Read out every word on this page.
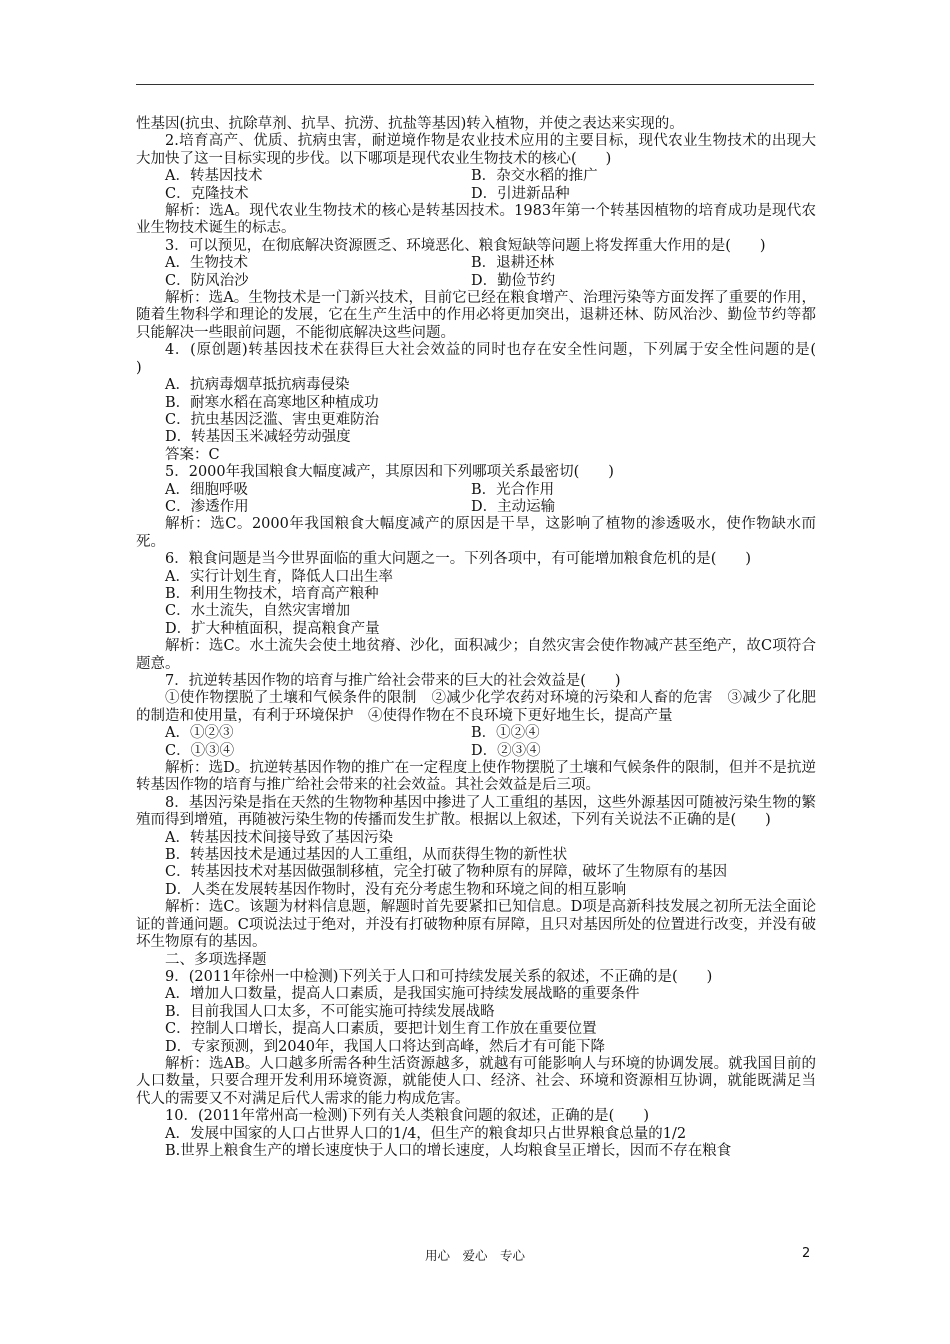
性基因(抗虫、抗除草剂、抗旱、抗涝、抗盐等基因)转入植物，并使之表达来实现的。
2.培育高产、优质、抗病虫害，耐逆境作物是农业技术应用的主要目标，现代农业生物技术的出现大大加快了这一目标实现的步伐。以下哪项是现代农业生物技术的核心(　　)
A．转基因技术	B．杂交水稻的推广
C．克隆技术	D．引进新品种
解析：选A。现代农业生物技术的核心是转基因技术。1983年第一个转基因植物的培育成功是现代农业生物技术诞生的标志。
3．可以预见，在彻底解决资源匮乏、环境恶化、粮食短缺等问题上将发挥重大作用的是(　　)
A．生物技术	B．退耕还林
C．防风治沙	D．勤俭节约
解析：选A。生物技术是一门新兴技术，目前它已经在粮食增产、治理污染等方面发挥了重要的作用，随着生物科学和理论的发展，它在生产生活中的作用必将更加突出，退耕还林、防风治沙、勤俭节约等都只能解决一些眼前问题，不能彻底解决这些问题。
4．(原创题)转基因技术在获得巨大社会效益的同时也存在安全性问题，下列属于安全性问题的是(　　)
A．抗病毒烟草抵抗病毒侵染
B．耐寒水稻在高寒地区种植成功
C．抗虫基因泛滥、害虫更难防治
D．转基因玉米减轻劳动强度
答案：C
5．2000年我国粮食大幅度减产，其原因和下列哪项关系最密切(　　)
A．细胞呼吸	B．光合作用
C．渗透作用	D．主动运输
解析：选C。2000年我国粮食大幅度减产的原因是干旱，这影响了植物的渗透吸水，使作物缺水而死。
6．粮食问题是当今世界面临的重大问题之一。下列各项中，有可能增加粮食危机的是(　　)
A．实行计划生育，降低人口出生率
B．利用生物技术，培育高产粮种
C．水土流失，自然灾害增加
D．扩大种植面积，提高粮食产量
解析：选C。水土流失会使土地贫瘠、沙化，面积减少；自然灾害会使作物减产甚至绝产，故C项符合题意。
7．抗逆转基因作物的培育与推广给社会带来的巨大的社会效益是(　　)
①使作物摆脱了土壤和气候条件的限制　②减少化学农药对环境的污染和人畜的危害　③减少了化肥的制造和使用量，有利于环境保护　④使得作物在不良环境下更好地生长，提高产量
A．①②③	B．①②④
C．①③④	D．②③④
解析：选D。抗逆转基因作物的推广在一定程度上使作物摆脱了土壤和气候条件的限制，但并不是抗逆转基因作物的培育与推广给社会带来的社会效益。其社会效益是后三项。
8．基因污染是指在天然的生物物种基因中掺进了人工重组的基因，这些外源基因可随被污染生物的繁殖而得到增殖，再随被污染生物的传播而发生扩散。根据以上叙述，下列有关说法不正确的是(　　)
A．转基因技术间接导致了基因污染
B．转基因技术是通过基因的人工重组，从而获得生物的新性状
C．转基因技术对基因做强制移植，完全打破了物种原有的屏障，破坏了生物原有的基因
D．人类在发展转基因作物时，没有充分考虑生物和环境之间的相互影响
解析：选C。该题为材料信息题，解题时首先要紧扣已知信息。D项是高新科技发展之初所无法全面论证的普通问题。C项说法过于绝对，并没有打破物种原有屏障，且只对基因所处的位置进行改变，并没有破坏生物原有的基因。
二、多项选择题
9．(2011年徐州一中检测)下列关于人口和可持续发展关系的叙述，不正确的是(　　)
A．增加人口数量，提高人口素质，是我国实施可持续发展战略的重要条件
B．目前我国人口太多，不可能实施可持续发展战略
C．控制人口增长，提高人口素质，要把计划生育工作放在重要位置
D．专家预测，到2040年，我国人口将达到高峰，然后才有可能下降
解析：选AB。人口越多所需各种生活资源越多，就越有可能影响人与环境的协调发展。就我国目前的人口数量，只要合理开发利用环境资源，就能使人口、经济、社会、环境和资源相互协调，就能既满足当代人的需要又不对满足后代人需求的能力构成危害。
10．(2011年常州高一检测)下列有关人类粮食问题的叙述，正确的是(　　)
A．发展中国家的人口占世界人口的1/4，但生产的粮食却只占世界粮食总量的1/2
B.世界上粮食生产的增长速度快于人口的增长速度，人均粮食呈正增长，因而不存在粮食
用心　爱心　专心	2
